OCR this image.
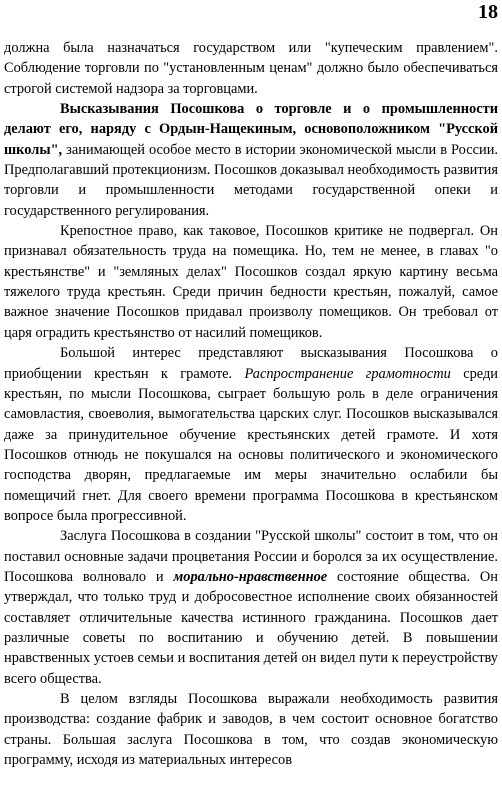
18

должна была назначаться государством или "купеческим правлением". Соблюдение торговли по "установленным ценам" должно было обеспечиваться строгой системой надзора за торговцами.

Высказывания Посошкова о торговле и о промышленности делают его, наряду с Ордын-Нащекиным, основоположником "Русской школы", занимающей особое место в истории экономической мысли в России. Предполагавший протекционизм. Посошков доказывал необходимость развития торговли и промышленности методами государственной опеки и государственного регулирования.

Крепостное право, как таковое, Посошков критике не подвергал. Он признавал обязательность труда на помещика. Но, тем не менее, в главах "о крестьянстве" и "земляных делах" Посошков создал яркую картину весьма тяжелого труда крестьян. Среди причин бедности крестьян, пожалуй, самое важное значение Посошков придавал произволу помещиков. Он требовал от царя оградить крестьянство от насилий помещиков.

Большой интерес представляют высказывания Посошкова о приобщении крестьян к грамоте. Распространение грамотности среди крестьян, по мысли Посошкова, сыграет большую роль в деле ограничения самовластия, своеволия, вымогательства царских слуг. Посошков высказывался даже за принудительное обучение крестьянских детей грамоте. И хотя Посошков отнюдь не покушался на основы политического и экономического господства дворян, предлагаемые им меры значительно ослабили бы помещичий гнет. Для своего времени программа Посошкова в крестьянском вопросе была прогрессивной.

Заслуга Посошкова в создании "Русской школы" состоит в том, что он поставил основные задачи процветания России и боролся за их осуществление. Посошкова волновало и морально-нравственное состояние общества. Он утверждал, что только труд и добросовестное исполнение своих обязанностей составляет отличительные качества истинного гражданина. Посошков дает различные советы по воспитанию и обучению детей. В повышении нравственных устоев семьи и воспитания детей он видел пути к переустройству всего общества.

В целом взгляды Посошкова выражали необходимость развития производства: создание фабрик и заводов, в чем состоит основное богатство страны. Большая заслуга Посошкова в том, что создав экономическую программу, исходя из материальных интересов
